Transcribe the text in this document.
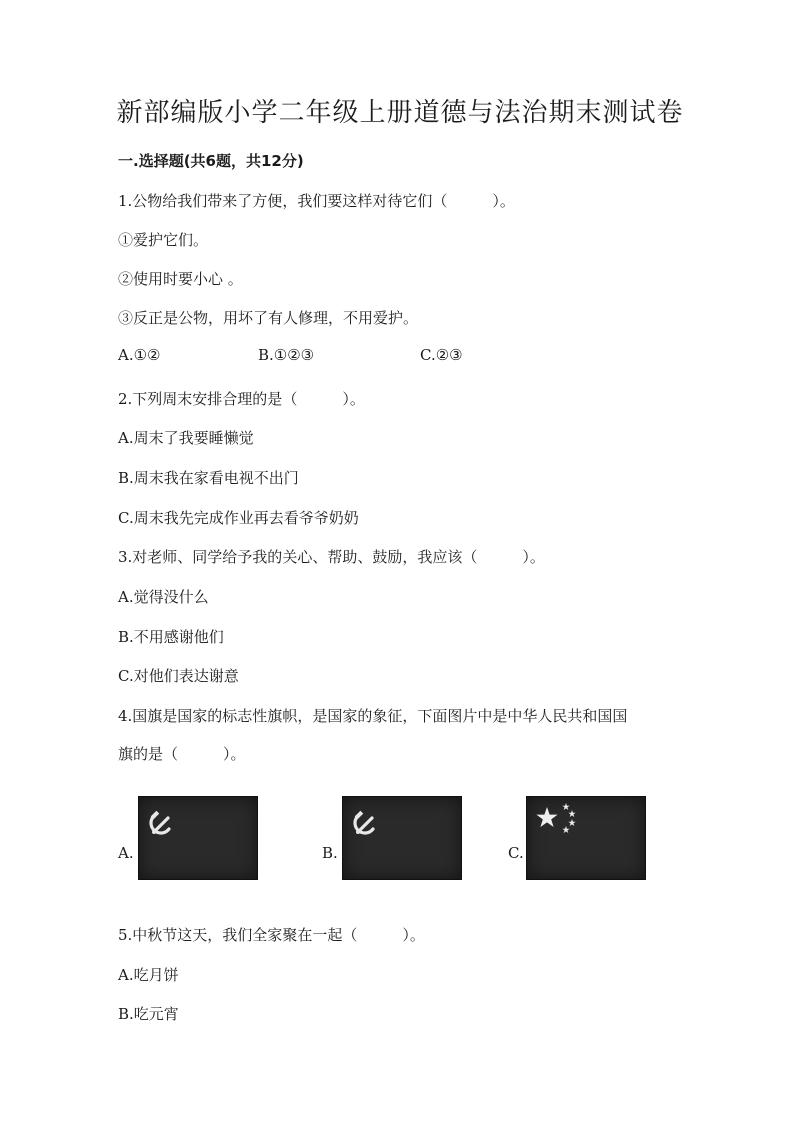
新部编版小学二年级上册道德与法治期末测试卷
一.选择题(共6题，共12分)
1.公物给我们带来了方便，我们要这样对待它们（　　　）。
①爱护它们。
②使用时要小心 。
③反正是公物，用坏了有人修理，不用爱护。
A.①②	B.①②③	C.②③
2.下列周末安排合理的是（　　　）。
A.周末了我要睡懒觉
B.周末我在家看电视不出门
C.周末我先完成作业再去看爷爷奶奶
3.对老师、同学给予我的关心、帮助、鼓励，我应该（　　　）。
A.觉得没什么
B.不用感谢他们
C.对他们表达谢意
4.国旗是国家的标志性旗帜，是国家的象征，下面图片中是中华人民共和国国
旗的是（　　　）。
A.	B.	C.
5.中秋节这天，我们全家聚在一起（　　　）。
A.吃月饼
B.吃元宵
